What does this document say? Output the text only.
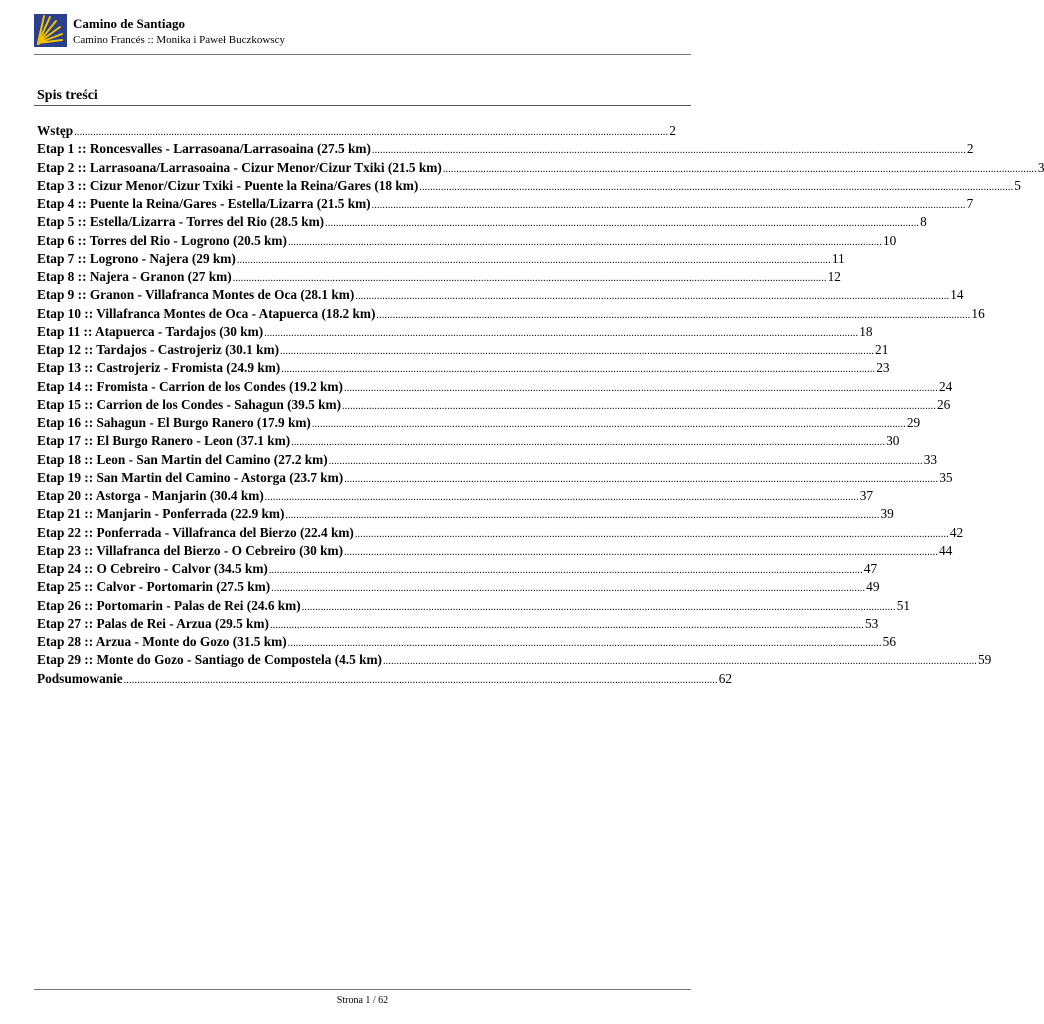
Camino de Santiago
Camino Francés :: Monika i Paweł Buczkowscy
Spis treści
Wstęp ............................................................................................................................................................................................................................ 2
Etap 1 :: Roncesvalles - Larrasoana/Larrasoaina (27.5 km) ............................................................................................................................................................................................................................ 2
Etap 2 :: Larrasoana/Larrasoaina - Cizur Menor/Cizur Txiki (21.5 km) ............................................................................................................................................................................................................................ 3
Etap 3 :: Cizur Menor/Cizur Txiki - Puente la Reina/Gares (18 km) ............................................................................................................................................................................................................................ 5
Etap 4 :: Puente la Reina/Gares - Estella/Lizarra (21.5 km) ............................................................................................................................................................................................................................ 7
Etap 5 :: Estella/Lizarra - Torres del Rio (28.5 km) ............................................................................................................................................................................................................................ 8
Etap 6 :: Torres del Rio - Logrono (20.5 km) ............................................................................................................................................................................................................................ 10
Etap 7 :: Logrono - Najera (29 km) ............................................................................................................................................................................................................................ 11
Etap 8 :: Najera - Granon (27 km) ............................................................................................................................................................................................................................ 12
Etap 9 :: Granon - Villafranca Montes de Oca (28.1 km) ............................................................................................................................................................................................................................ 14
Etap 10 :: Villafranca Montes de Oca - Atapuerca (18.2 km) ............................................................................................................................................................................................................................ 16
Etap 11 :: Atapuerca - Tardajos (30 km) ............................................................................................................................................................................................................................ 18
Etap 12 :: Tardajos - Castrojeriz (30.1 km) ............................................................................................................................................................................................................................ 21
Etap 13 :: Castrojeriz - Fromista (24.9 km) ............................................................................................................................................................................................................................ 23
Etap 14 :: Fromista - Carrion de los Condes (19.2 km) ............................................................................................................................................................................................................................ 24
Etap 15 :: Carrion de los Condes - Sahagun (39.5 km) ............................................................................................................................................................................................................................ 26
Etap 16 :: Sahagun - El Burgo Ranero (17.9 km) ............................................................................................................................................................................................................................ 29
Etap 17 :: El Burgo Ranero - Leon (37.1 km) ............................................................................................................................................................................................................................ 30
Etap 18 :: Leon - San Martin del Camino (27.2 km) ............................................................................................................................................................................................................................ 33
Etap 19 :: San Martin del Camino - Astorga (23.7 km) ............................................................................................................................................................................................................................ 35
Etap 20 :: Astorga - Manjarin (30.4 km) ............................................................................................................................................................................................................................ 37
Etap 21 :: Manjarin - Ponferrada (22.9 km) ............................................................................................................................................................................................................................ 39
Etap 22 :: Ponferrada - Villafranca del Bierzo (22.4 km) ............................................................................................................................................................................................................................ 42
Etap 23 :: Villafranca del Bierzo - O Cebreiro (30 km) ............................................................................................................................................................................................................................ 44
Etap 24 :: O Cebreiro - Calvor (34.5 km) ............................................................................................................................................................................................................................ 47
Etap 25 :: Calvor - Portomarin (27.5 km) ............................................................................................................................................................................................................................ 49
Etap 26 :: Portomarin - Palas de Rei (24.6 km) ............................................................................................................................................................................................................................ 51
Etap 27 :: Palas de Rei - Arzua (29.5 km) ............................................................................................................................................................................................................................ 53
Etap 28 :: Arzua - Monte do Gozo (31.5 km) ............................................................................................................................................................................................................................ 56
Etap 29 :: Monte do Gozo - Santiago de Compostela (4.5 km) ............................................................................................................................................................................................................................ 59
Podsumowanie ............................................................................................................................................................................................................................ 62
Strona 1 / 62
